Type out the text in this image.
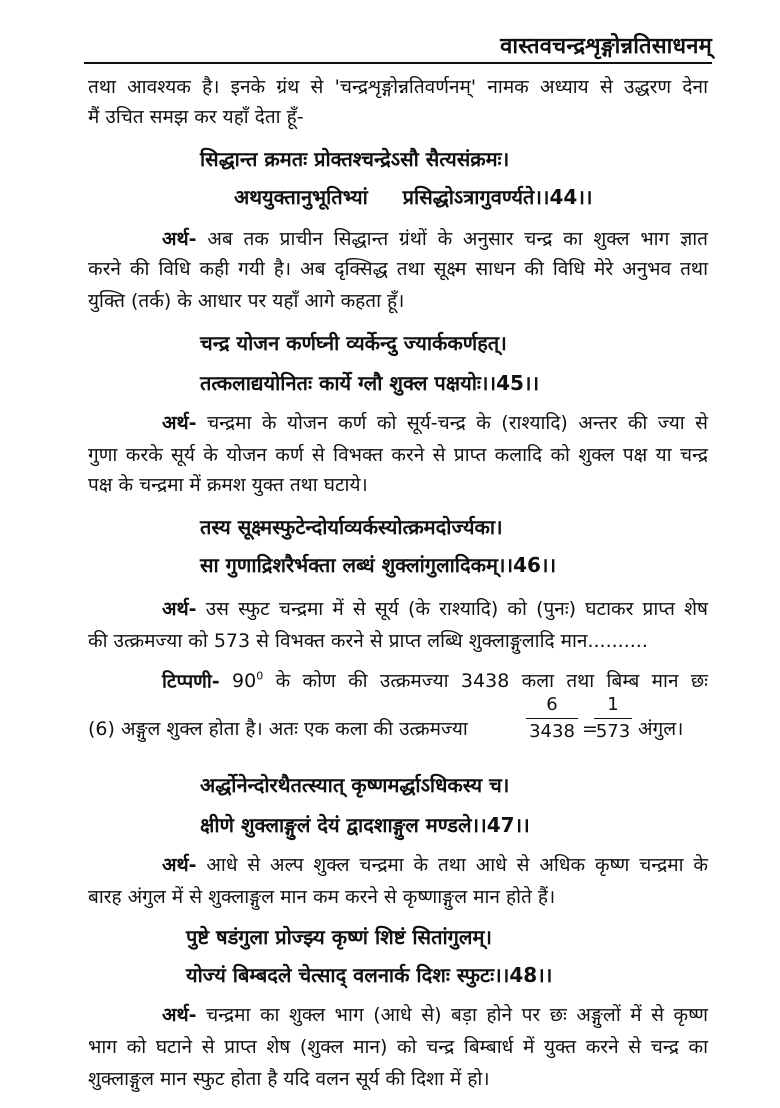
वास्तवचन्द्रशृङ्गोन्नतिसाधनम्
तथा आवश्यक है। इनके ग्रंथ से 'चन्द्रशृङ्गोन्नतिवर्णनम्' नामक अध्याय से उद्धरण देना
मैं उचित समझ कर यहाँ देता हूँ-
सिद्धान्त क्रमतः प्रोक्तश्चन्द्रेऽसौ सैत्यसंक्रमः।
अथयुक्तानुभूतिभ्यां प्रसिद्धोऽत्रागुवर्ण्यते।।44।।
अर्थ- अब तक प्राचीन सिद्धान्त ग्रंथों के अनुसार चन्द्र का शुक्ल भाग ज्ञात
करने की विधि कही गयी है। अब दृक्सिद्ध तथा सूक्ष्म साधन की विधि मेरे अनुभव तथा
युक्ति (तर्क) के आधार पर यहाँ आगे कहता हूँ।
चन्द्र योजन कर्णघ्नी व्यर्केन्दु ज्यार्ककर्णहत्।
तत्कलाद्ययोनितः कार्ये ग्लौ शुक्ल पक्षयोः।।45।।
अर्थ- चन्द्रमा के योजन कर्ण को सूर्य-चन्द्र के (राश्यादि) अन्तर की ज्या से
गुणा करके सूर्य के योजन कर्ण से विभक्त करने से प्राप्त कलादि को शुक्ल पक्ष या चन्द्र
पक्ष के चन्द्रमा में क्रमश युक्त तथा घटाये।
तस्य सूक्ष्मस्फुटेन्दोर्याव्यर्कस्योत्क्रमदोर्ज्यका।
सा गुणाद्रिशरैर्भक्ता लब्धं शुक्लांगुलादिकम्।।46।।
अर्थ- उस स्फुट चन्द्रमा में से सूर्य (के राश्यादि) को (पुनः) घटाकर प्राप्त शेष
की उत्क्रमज्या को 573 से विभक्त करने से प्राप्त लब्धि शुक्लाङ्गुलादि मान..........
टिप्पणी- $90^0$ के कोण की उत्क्रमज्या 3438 कला तथा बिम्ब मान छः
(6) अङ्गुल शुक्ल होता है। अतः एक कला की उत्क्रमज्या
6
3438 =
1
573 अंगुल।
अर्द्धोनेन्दोरथैतत्स्यात् कृष्णमर्द्धाऽधिकस्य च।
क्षीणे शुक्लाङ्गुलं देयं द्वादशाङ्गुल मण्डले।।47।।
अर्थ- आधे से अल्प शुक्ल चन्द्रमा के तथा आधे से अधिक कृष्ण चन्द्रमा के
बारह अंगुल में से शुक्लाङ्गुल मान कम करने से कृष्णाङ्गुल मान होते हैं।
पुष्टे षडंगुला प्रोज्झ्य कृष्णं शिष्टं सितांगुलम्।
योज्यं बिम्बदले चेत्साद् वलनार्क दिशः स्फुटः।।48।।
अर्थ- चन्द्रमा का शुक्ल भाग (आधे से) बड़ा होने पर छः अङ्गुलों में से कृष्ण
भाग को घटाने से प्राप्त शेष (शुक्ल मान) को चन्द्र बिम्बार्ध में युक्त करने से चन्द्र का
शुक्लाङ्गुल मान स्फुट होता है यदि वलन सूर्य की दिशा में हो।
